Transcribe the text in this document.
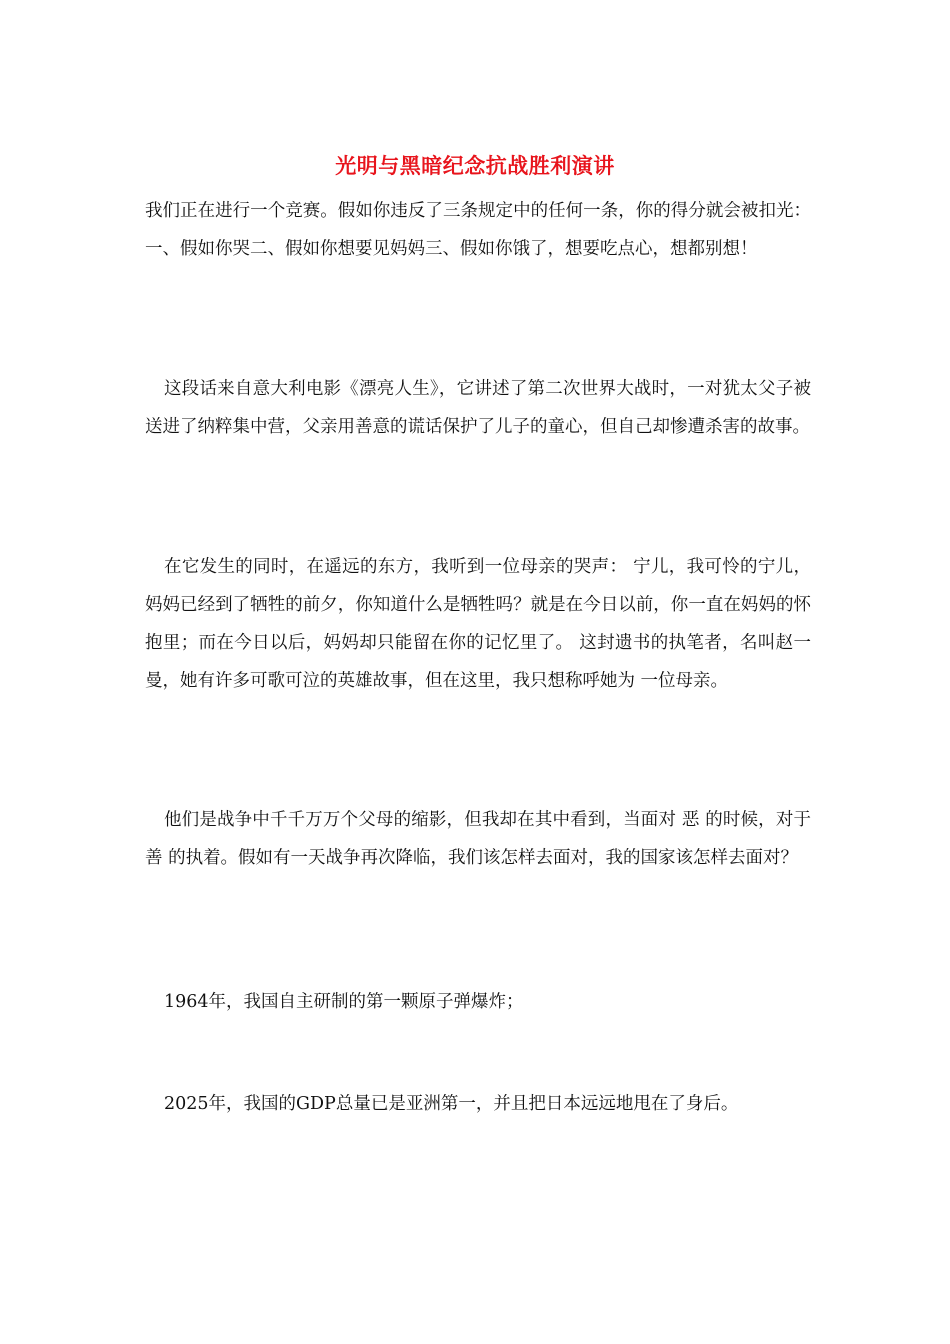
光明与黑暗纪念抗战胜利演讲
我们正在进行一个竞赛。假如你违反了三条规定中的任何一条，你的得分就会被扣光：一、假如你哭二、假如你想要见妈妈三、假如你饿了，想要吃点心，想都别想！
这段话来自意大利电影《漂亮人生》，它讲述了第二次世界大战时，一对犹太父子被送进了纳粹集中营，父亲用善意的谎话保护了儿子的童心，但自己却惨遭杀害的故事。
在它发生的同时，在遥远的东方，我听到一位母亲的哭声： 宁儿，我可怜的宁儿，妈妈已经到了牺牲的前夕，你知道什么是牺牲吗？就是在今日以前，你一直在妈妈的怀抱里；而在今日以后，妈妈却只能留在你的记忆里了。 这封遗书的执笔者，名叫赵一曼，她有许多可歌可泣的英雄故事，但在这里，我只想称呼她为 一位母亲。
他们是战争中千千万万个父母的缩影，但我却在其中看到，当面对 恶 的时候，对于 善 的执着。假如有一天战争再次降临，我们该怎样去面对，我的国家该怎样去面对？
1964年，我国自主研制的第一颗原子弹爆炸；
2025年，我国的GDP总量已是亚洲第一，并且把日本远远地甩在了身后。
